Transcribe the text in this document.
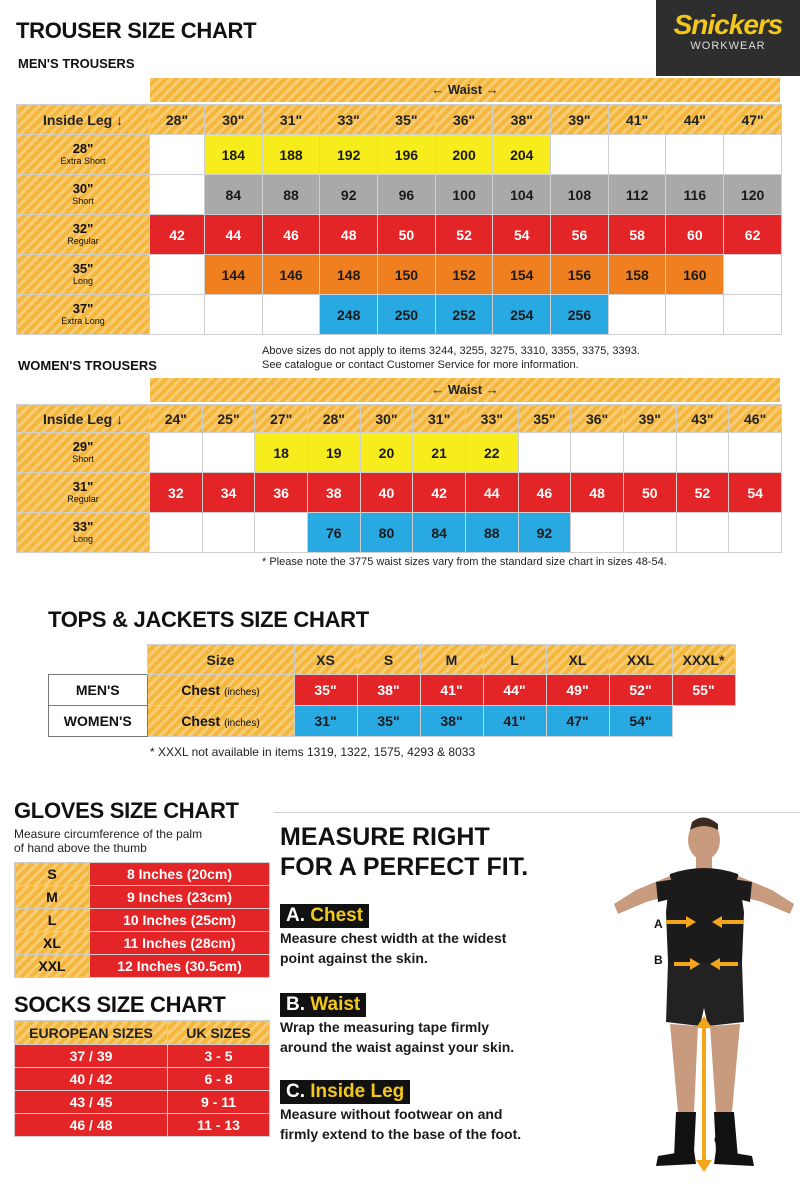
Snickers
WORKWEAR
TROUSER SIZE CHART
MEN'S TROUSERS
← Waist →
Inside Leg ↓	28"	30"	31"	33"	35"	36"	38"	39"	41"	44"	47"

28"
Extra Short		184	188	192	196	200	204				

30"
Short		84	88	92	96	100	104	108	112	116	120

32"
Regular	42	44	46	48	50	52	54	56	58	60	62

35"
Long		144	146	148	150	152	154	156	158	160	

37"
Extra Long				248	250	252	254	256			
Above sizes do not apply to items 3244, 3255, 3275, 3310, 3355, 3375, 3393.
See catalogue or contact Customer Service for more information.
WOMEN'S TROUSERS
← Waist →
Inside Leg ↓	24"	25"	27"	28"	30"	31"	33"	35"	36"	39"	43"	46"

29"
Short			18	19	20	21	22					

31"
Regular	32	34	36	38	40	42	44	46	48	50	52	54

33"
Long				76	80	84	88	92				
* Please note the 3775 waist sizes vary from the standard size chart in sizes 48-54.
TOPS & JACKETS SIZE CHART
	Size	XS	S	M	L	XL	XXL	XXXL*
MEN'S	Chest (inches)	35"	38"	41"	44"	49"	52"	55"
WOMEN'S	Chest (inches)	31"	35"	38"	41"	47"	54"	
* XXXL not available in items 1319, 1322, 1575, 4293 & 8033
GLOVES SIZE CHART
Measure circumference of the palm
of hand above the thumb
S	8 Inches (20cm)
M	9 Inches (23cm)
L	10 Inches (25cm)
XL	11 Inches (28cm)
XXL	12 Inches (30.5cm)
SOCKS SIZE CHART
EUROPEAN SIZES	UK SIZES
37 / 39	3 - 5
40 / 42	6 - 8
43 / 45	9 - 11
46 / 48	11 - 13
MEASURE RIGHT
FOR A PERFECT FIT.
A. Chest
Measure chest width at the widest
point against the skin.
B. Waist
Wrap the measuring tape firmly
around the waist against your skin.
C. Inside Leg
Measure without footwear on and
firmly extend to the base of the foot.
A
B
C
